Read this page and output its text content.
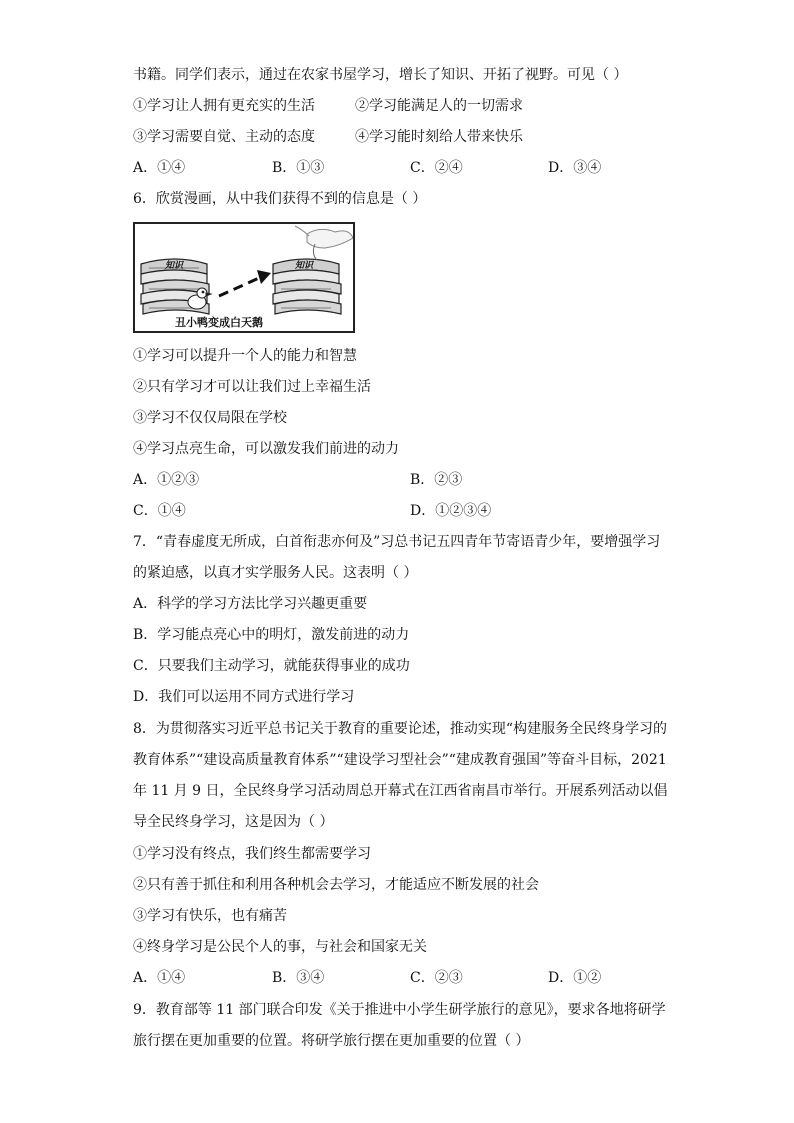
书籍。同学们表示，通过在农家书屋学习，增长了知识、开拓了视野。可见（ ）
①学习让人拥有更充实的生活	②学习能满足人的一切需求
③学习需要自觉、主动的态度	④学习能时刻给人带来快乐
A．①④	B．①③	C．②④	D．③④
6．欣赏漫画，从中我们获得不到的信息是（ ）
知识	知识
丑小鸭变成白天鹅
①学习可以提升一个人的能力和智慧
②只有学习才可以让我们过上幸福生活
③学习不仅仅局限在学校
④学习点亮生命，可以激发我们前进的动力
A．①②③	B．②③
C．①④	D．①②③④
7．“青春虚度无所成，白首衔悲亦何及”习总书记五四青年节寄语青少年，要增强学习
的紧迫感，以真才实学服务人民。这表明（ ）
A．科学的学习方法比学习兴趣更重要
B．学习能点亮心中的明灯，激发前进的动力
C．只要我们主动学习，就能获得事业的成功
D．我们可以运用不同方式进行学习
8．为贯彻落实习近平总书记关于教育的重要论述，推动实现“构建服务全民终身学习的
教育体系”“建设高质量教育体系”“建设学习型社会”“建成教育强国”等奋斗目标，2021
年 11 月 9 日，全民终身学习活动周总开幕式在江西省南昌市举行。开展系列活动以倡
导全民终身学习，这是因为（ ）
①学习没有终点，我们终生都需要学习
②只有善于抓住和利用各种机会去学习，才能适应不断发展的社会
③学习有快乐，也有痛苦
④终身学习是公民个人的事，与社会和国家无关
A．①④	B．③④	C．②③	D．①②
9．教育部等 11 部门联合印发《关于推进中小学生研学旅行的意见》，要求各地将研学
旅行摆在更加重要的位置。将研学旅行摆在更加重要的位置（ ）
